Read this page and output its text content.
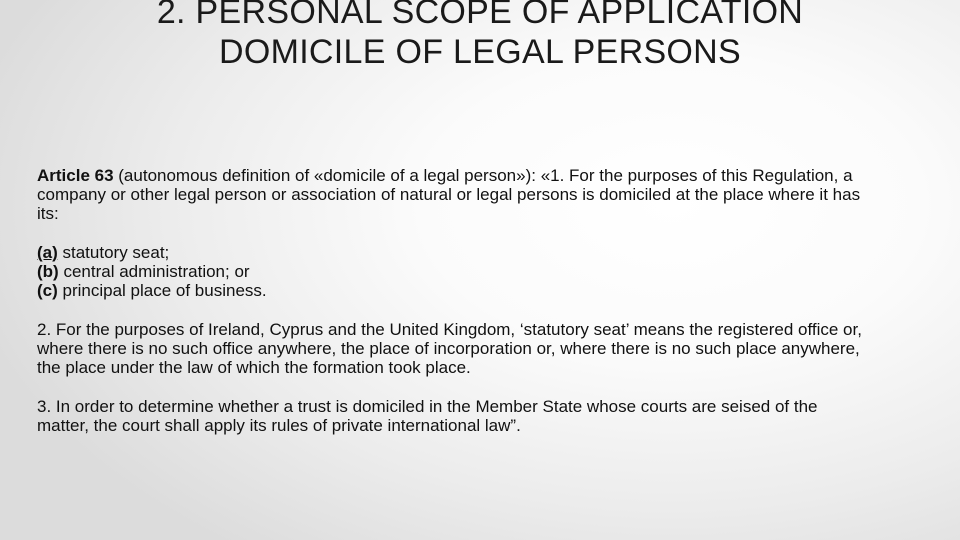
2. PERSONAL SCOPE OF APPLICATION DOMICILE OF LEGAL PERSONS

Article 63 (autonomous definition of «domicile of a legal person»): «1. For the purposes of this Regulation, a company or other legal person or association of natural or legal persons is domiciled at the place where it has its:

(a) statutory seat;
(b) central administration; or
(c) principal place of business.

2. For the purposes of Ireland, Cyprus and the United Kingdom, ‘statutory seat’ means the registered office or, where there is no such office anywhere, the place of incorporation or, where there is no such place anywhere, the place under the law of which the formation took place.

3. In order to determine whether a trust is domiciled in the Member State whose courts are seised of the matter, the court shall apply its rules of private international law”.
